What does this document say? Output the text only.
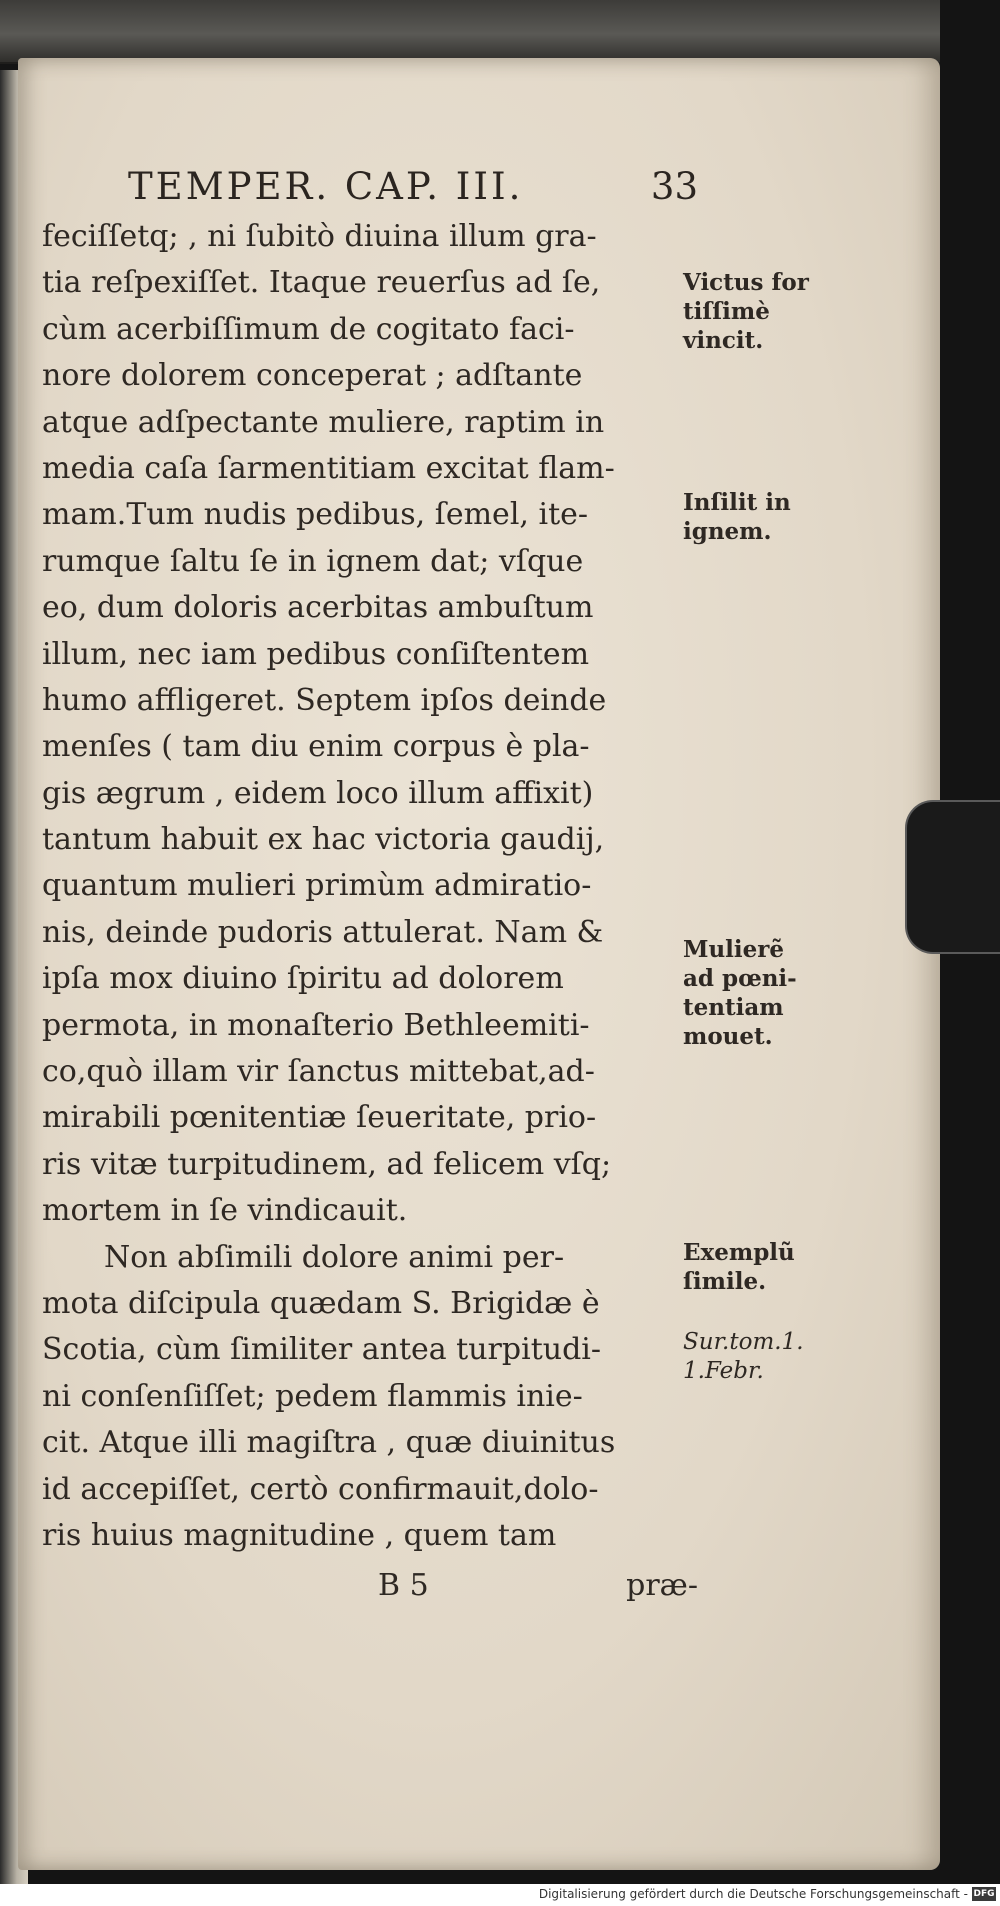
TEMPER. CAP. III.	33
feciſſetq; , ni ſubitò diuina illum gra-
tia reſpexiſſet. Itaque reuerſus ad ſe,
cùm acerbiſſimum de cogitato faci-
nore dolorem conceperat ; adſtante
atque adſpectante muliere, raptim in
media caſa ſarmentitiam excitat flam-
mam.Tum nudis pedibus, ſemel, ite-
rumque ſaltu ſe in ignem dat; vſque
eo, dum doloris acerbitas ambuſtum
illum, nec iam pedibus conſiſtentem
humo affligeret. Septem ipſos deinde
menſes ( tam diu enim corpus è pla-
gis ægrum , eidem loco illum affixit)
tantum habuit ex hac victoria gaudij,
quantum mulieri primùm admiratio-
nis, deinde pudoris attulerat. Nam &
ipſa mox diuino ſpiritu ad dolorem
permota, in monaſterio Bethleemiti-
co,quò illam vir ſanctus mittebat,ad-
mirabili pœnitentiæ ſeueritate, prio-
ris vitæ turpitudinem, ad felicem vſq;
mortem in ſe vindicauit.
Non abſimili dolore animi per-
mota diſcipula quædam S. Brigidæ è
Scotia, cùm ſimiliter antea turpitudi-
ni conſenſiſſet; pedem flammis inie-
cit. Atque illi magiſtra , quæ diuinitus
id accepiſſet, certò confirmauit,dolo-
ris huius magnitudine , quem tam
Victus for
tiſſimè
vincit.
Inſilit in
ignem.
Mulierẽ
ad pœni-
tentiam
mouet.
Exemplũ
ſimile.
Sur.tom.1.
1.Febr.
B 5	præ-
Digitalisierung gefördert durch die Deutsche Forschungsgemeinschaft - DFG
